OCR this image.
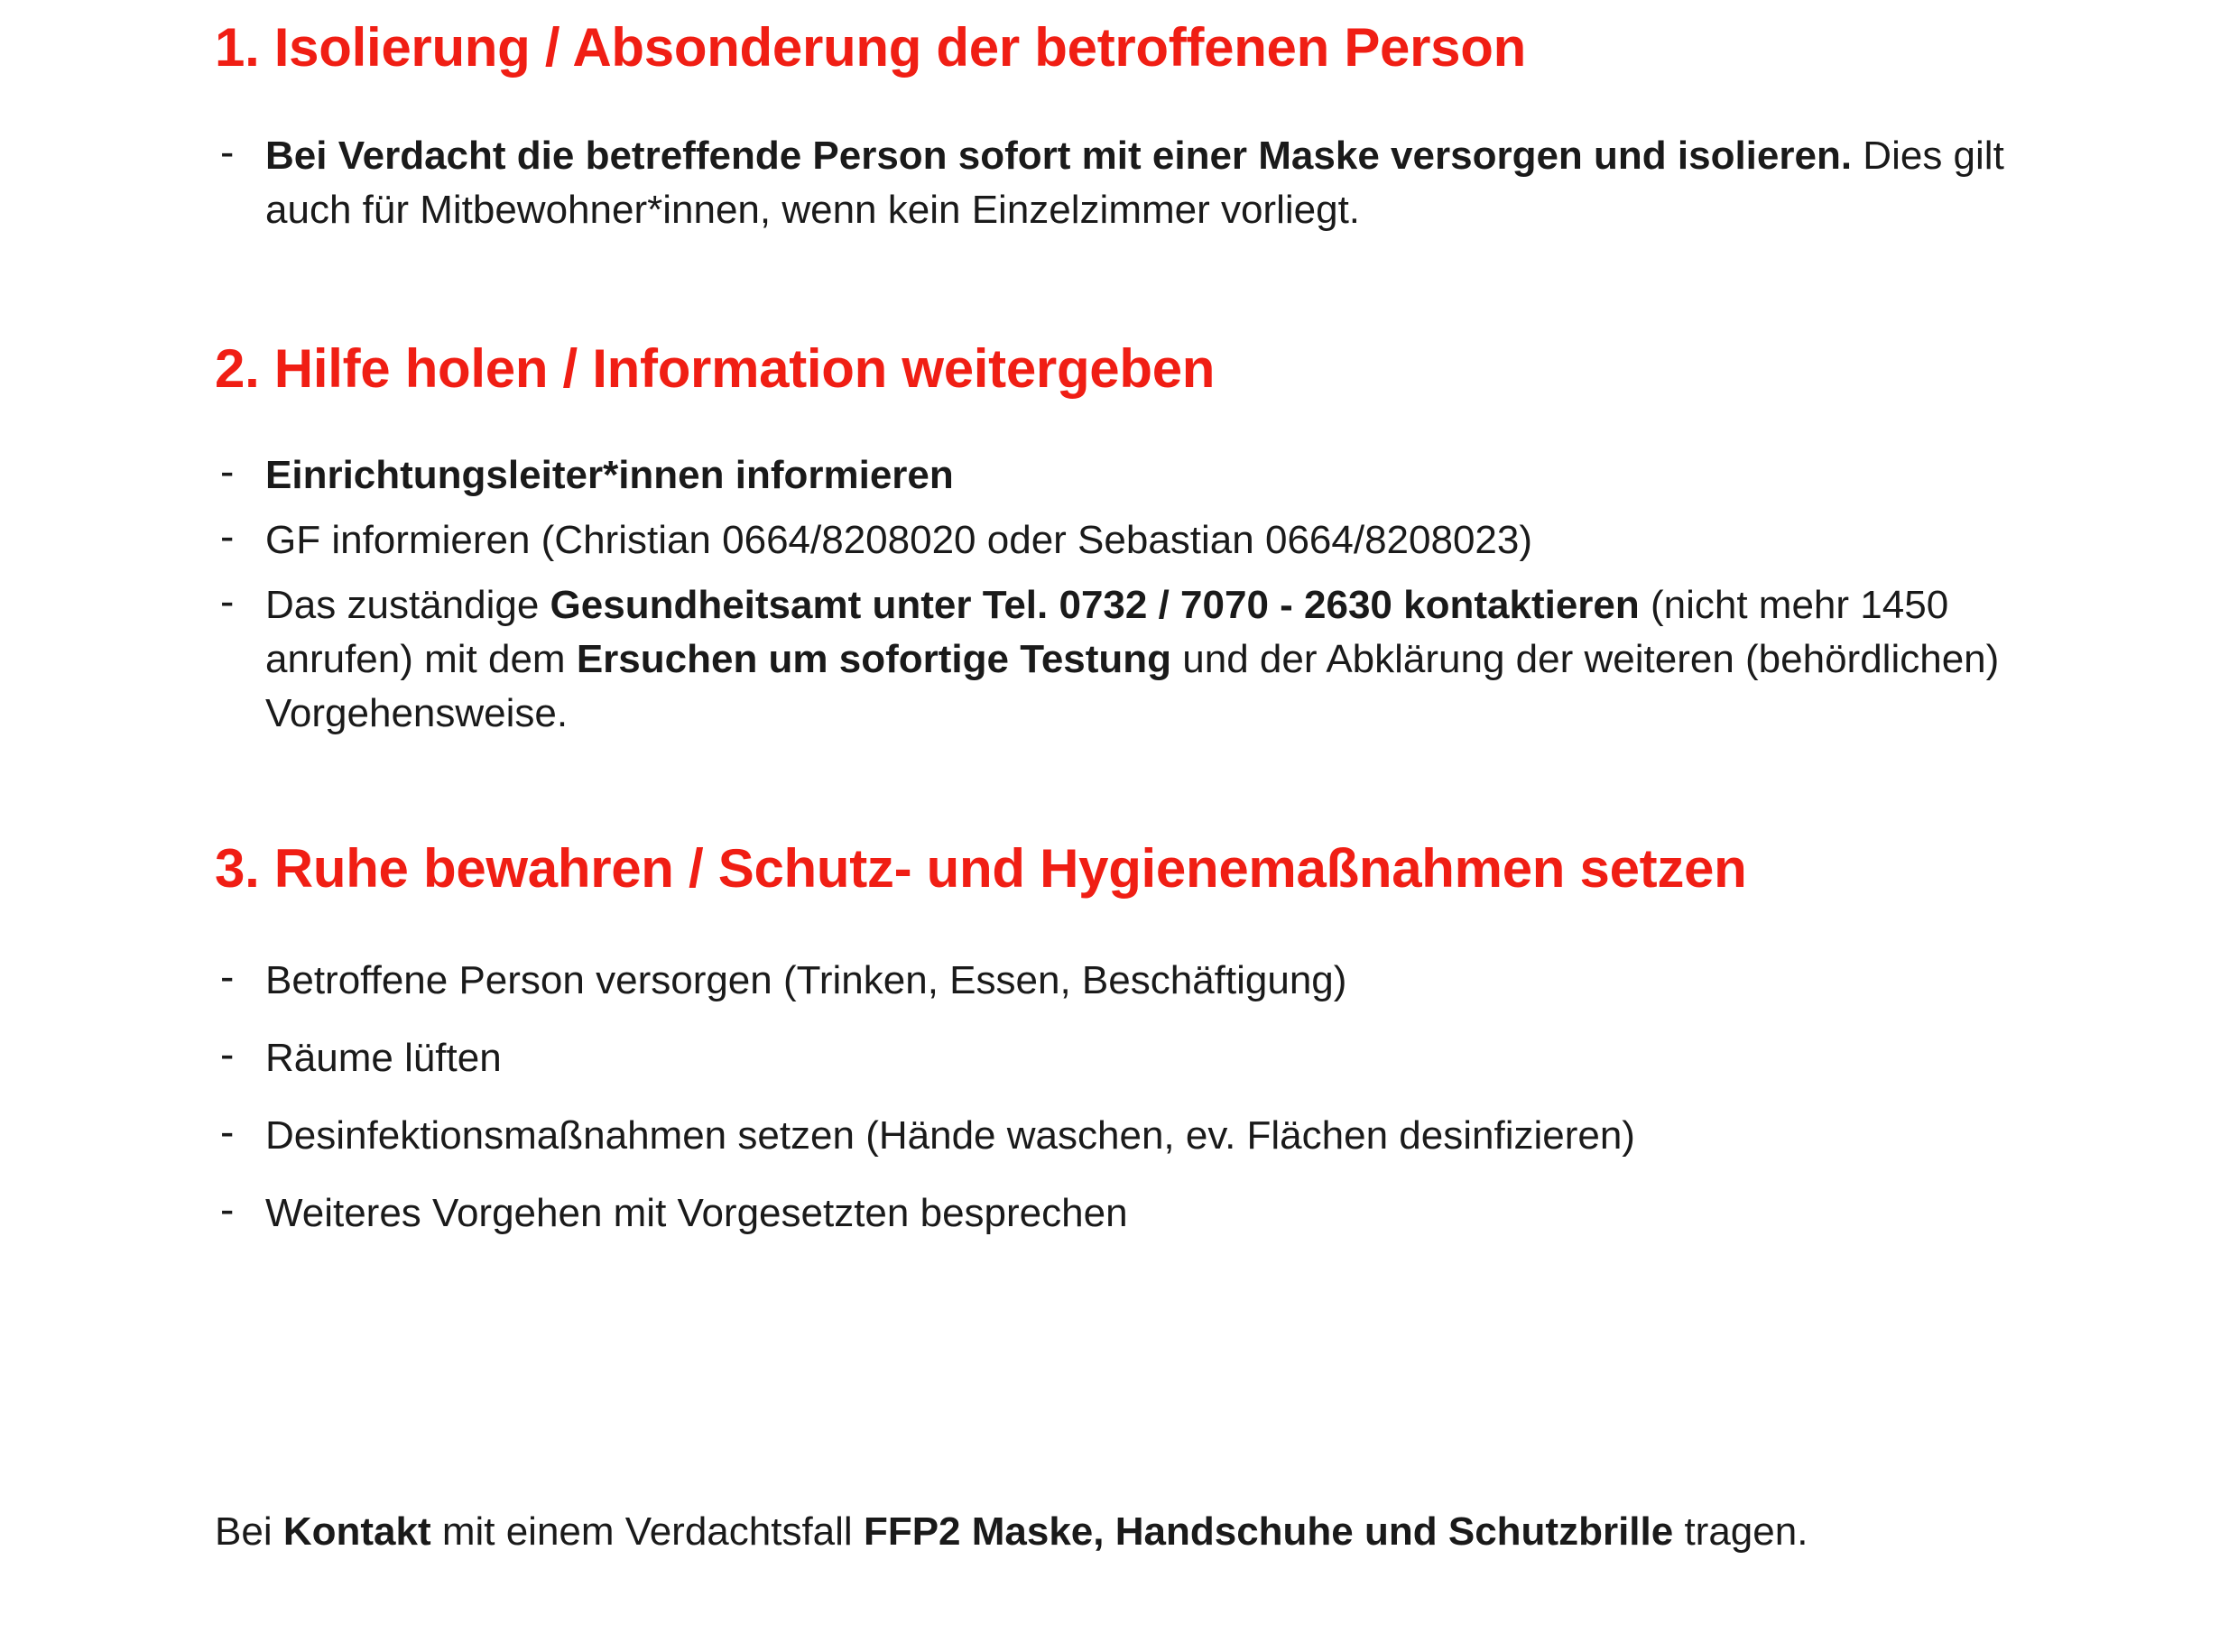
1. Isolierung / Absonderung der betroffenen Person
- Bei Verdacht die betreffende Person sofort mit einer Maske versorgen und isolieren. Dies gilt auch für Mitbewohner*innen, wenn kein Einzelzimmer vorliegt.
2. Hilfe holen / Information weitergeben
- Einrichtungsleiter*innen informieren
- GF informieren (Christian 0664/8208020 oder Sebastian 0664/8208023)
- Das zuständige Gesundheitsamt unter Tel. 0732 / 7070 - 2630 kontaktieren (nicht mehr 1450 anrufen) mit dem Ersuchen um sofortige Testung und der Abklärung der weiteren (behördlichen) Vorgehensweise.
3. Ruhe bewahren / Schutz- und Hygienemaßnahmen setzen
- Betroffene Person versorgen (Trinken, Essen, Beschäftigung)
- Räume lüften
- Desinfektionsmaßnahmen setzen (Hände waschen, ev. Flächen desinfizieren)
- Weiteres Vorgehen mit Vorgesetzten besprechen
Bei Kontakt mit einem Verdachtsfall FFP2 Maske, Handschuhe und Schutzbrille tragen.
